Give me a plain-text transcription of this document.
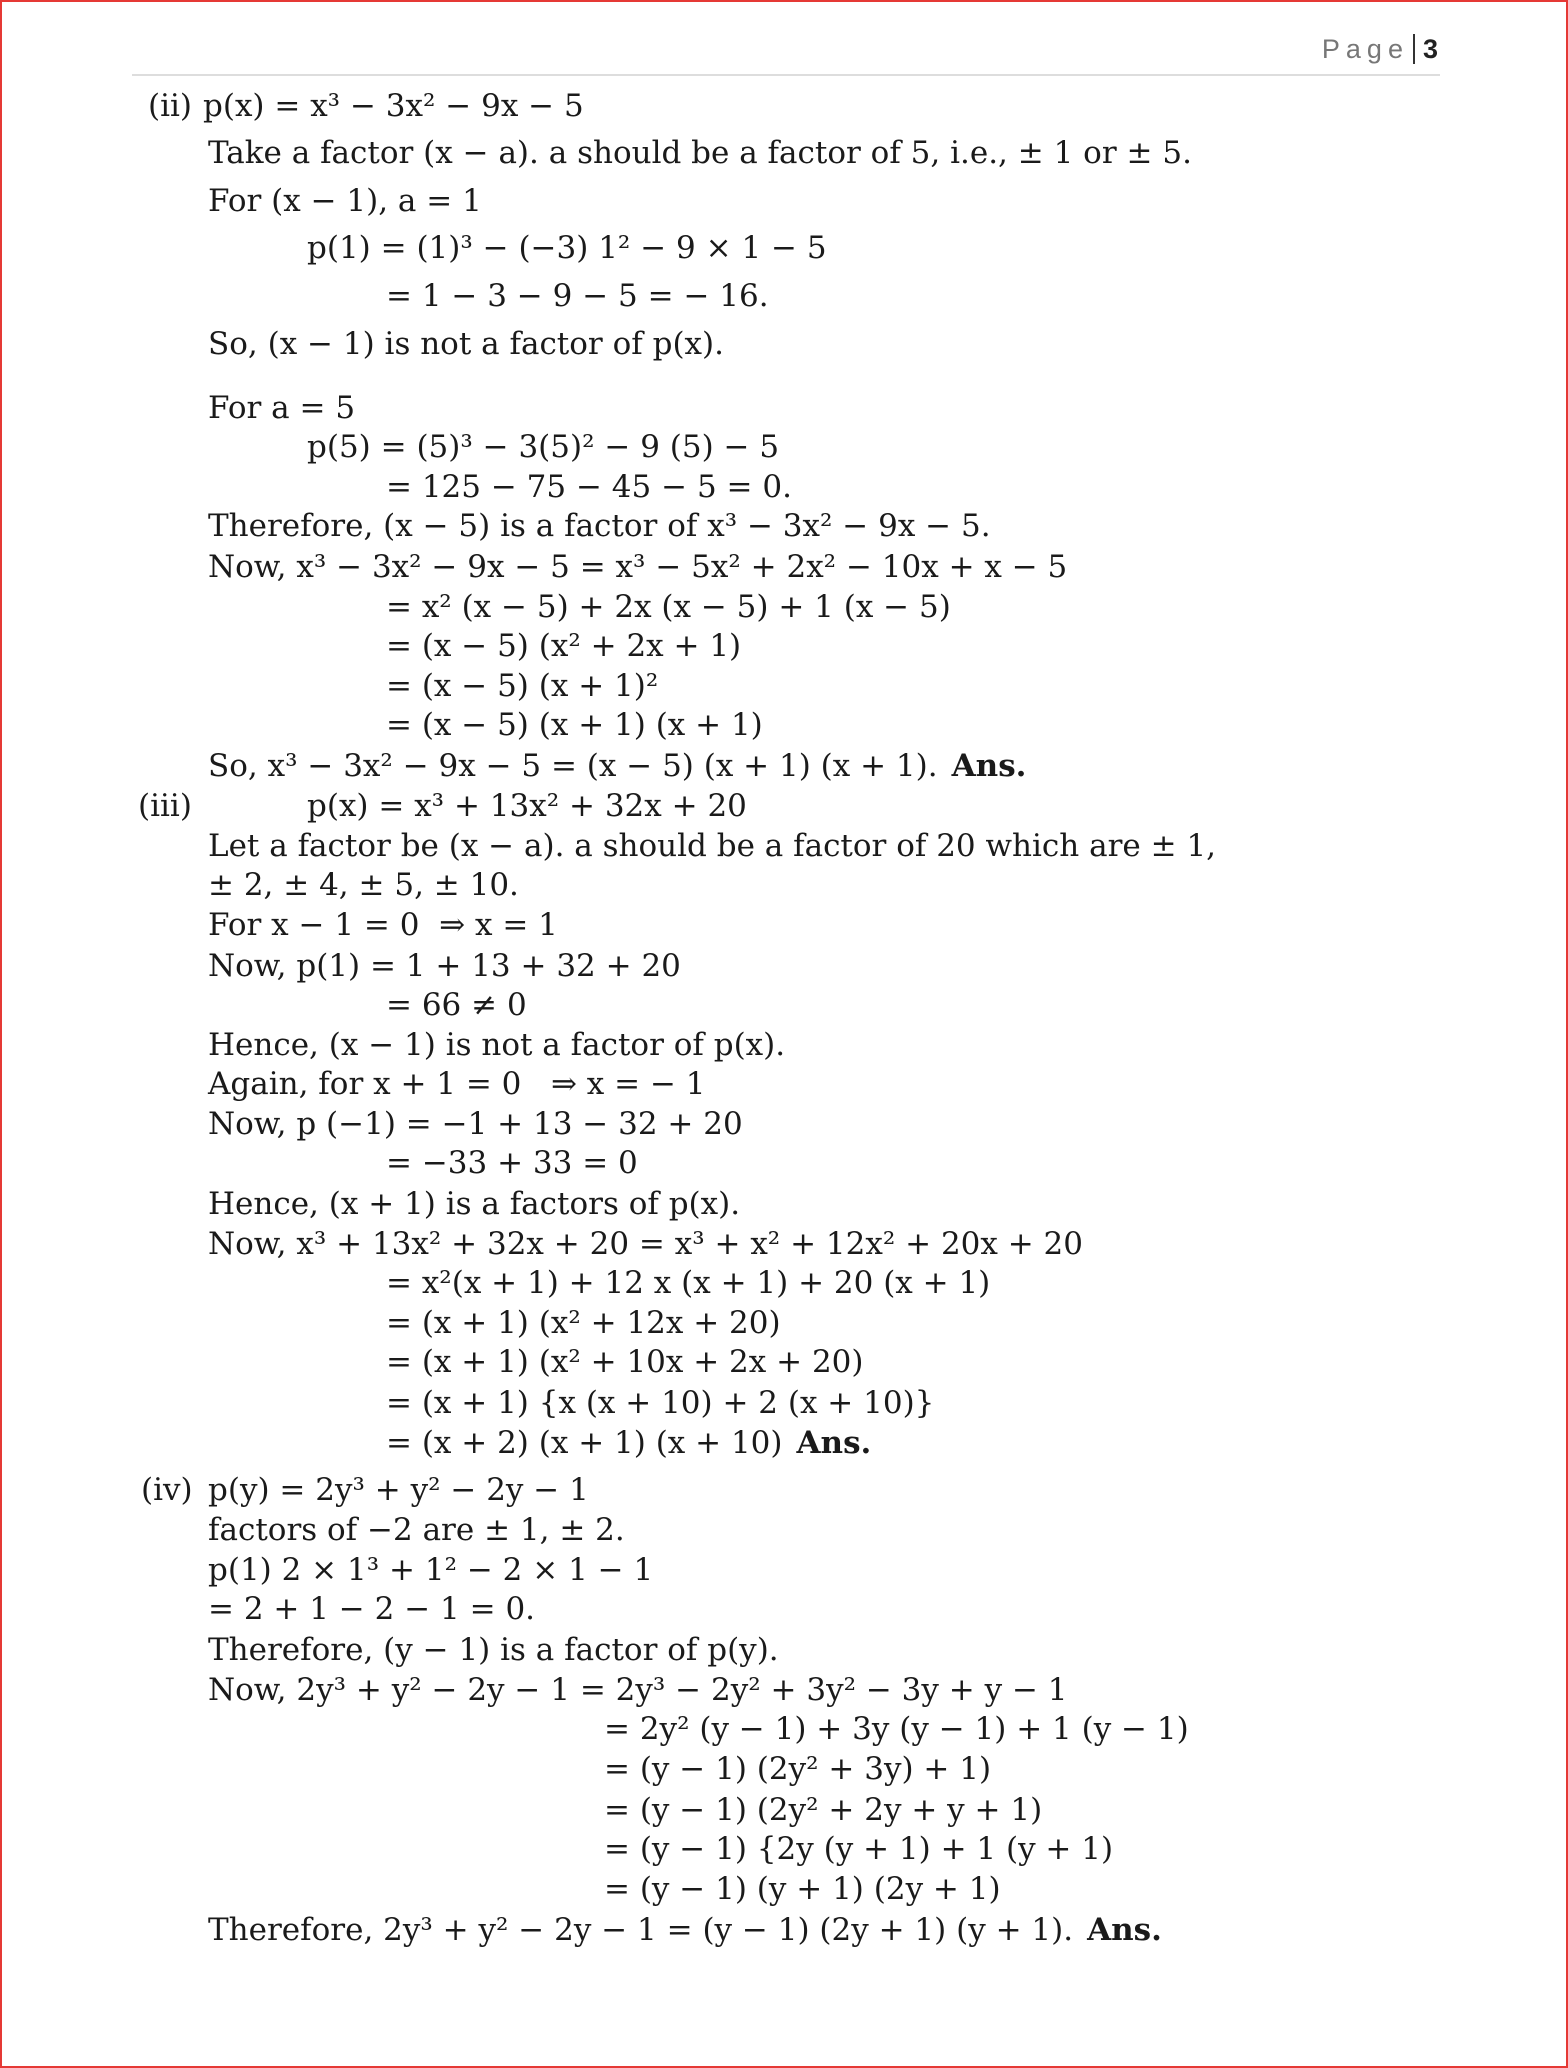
Page 3
(ii) p(x) = x³ − 3x² − 9x − 5
Take a factor (x − a). a should be a factor of 5, i.e., ± 1 or ± 5.
For (x − 1), a = 1
p(1) = (1)³ − (−3) 1² − 9 × 1 − 5
= 1 − 3 − 9 − 5 = − 16.
So, (x − 1) is not a factor of p(x).
For a = 5
p(5) = (5)³ − 3(5)² − 9 (5) − 5
= 125 − 75 − 45 − 5 = 0.
Therefore, (x − 5) is a factor of x³ − 3x² − 9x − 5.
Now, x³ − 3x² − 9x − 5 = x³ − 5x² + 2x² − 10x + x − 5
= x² (x − 5) + 2x (x − 5) + 1 (x − 5)
= (x − 5) (x² + 2x + 1)
= (x − 5) (x + 1)²
= (x − 5) (x + 1) (x + 1)
So, x³ − 3x² − 9x − 5 = (x − 5) (x + 1) (x + 1). Ans.
(iii)	p(x) = x³ + 13x² + 32x + 20
Let a factor be (x − a). a should be a factor of 20 which are ± 1,
± 2, ± 4, ± 5, ± 10.
For x − 1 = 0  ⇒ x = 1
Now, p(1) = 1 + 13 + 32 + 20
= 66 ≠ 0
Hence, (x − 1) is not a factor of p(x).
Again, for x + 1 = 0   ⇒ x = − 1
Now, p (−1) = −1 + 13 − 32 + 20
= −33 + 33 = 0
Hence, (x + 1) is a factors of p(x).
Now, x³ + 13x² + 32x + 20 = x³ + x² + 12x² + 20x + 20
= x²(x + 1) + 12 x (x + 1) + 20 (x + 1)
= (x + 1) (x² + 12x + 20)
= (x + 1) (x² + 10x + 2x + 20)
= (x + 1) {x (x + 10) + 2 (x + 10)}
= (x + 2) (x + 1) (x + 10) Ans.
(iv) p(y) = 2y³ + y² − 2y − 1
factors of −2 are ± 1, ± 2.
p(1) 2 × 1³ + 1² − 2 × 1 − 1
= 2 + 1 − 2 − 1 = 0.
Therefore, (y − 1) is a factor of p(y).
Now, 2y³ + y² − 2y − 1 = 2y³ − 2y² + 3y² − 3y + y − 1
= 2y² (y − 1) + 3y (y − 1) + 1 (y − 1)
= (y − 1) (2y² + 3y) + 1)
= (y − 1) (2y² + 2y + y + 1)
= (y − 1) {2y (y + 1) + 1 (y + 1)
= (y − 1) (y + 1) (2y + 1)
Therefore, 2y³ + y² − 2y − 1 = (y − 1) (2y + 1) (y + 1). Ans.
